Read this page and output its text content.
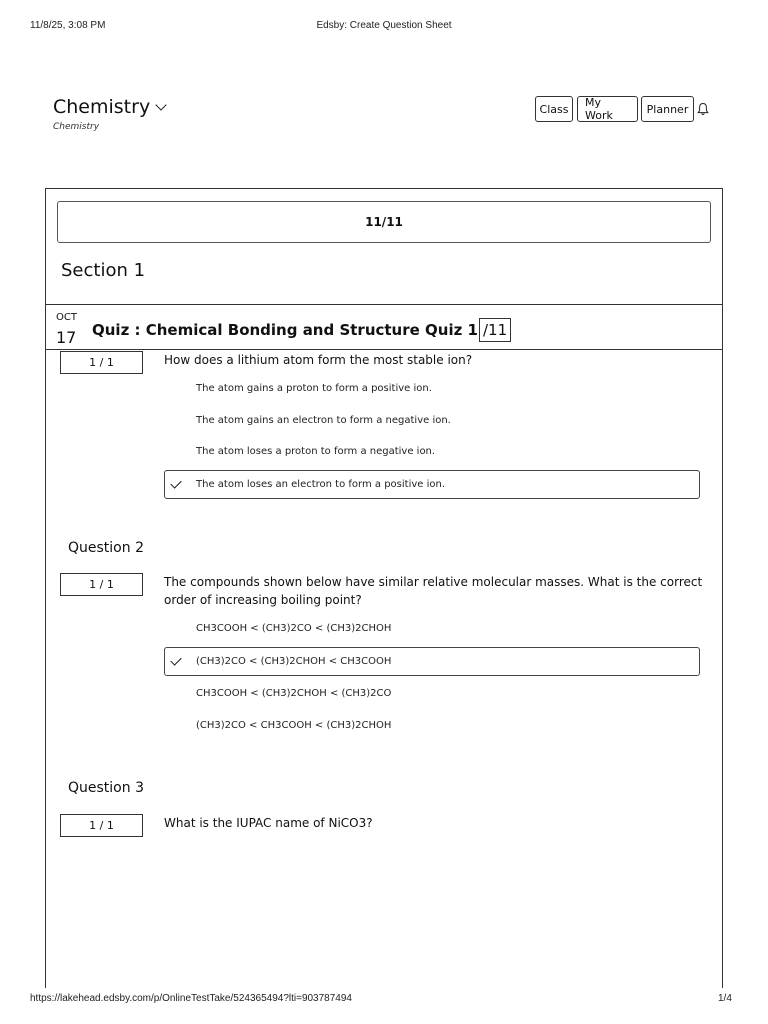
11/8/25, 3:08 PM	Edsby: Create Question Sheet
Chemistry
Chemistry
Class	My Work	Planner
11/11
Section 1
OCT
17 Quiz : Chemical Bonding and Structure Quiz 1 /11
1 / 1	How does a lithium atom form the most stable ion?
The atom gains a proton to form a positive ion.
The atom gains an electron to form a negative ion.
The atom loses a proton to form a negative ion.
The atom loses an electron to form a positive ion.
Question 2
1 / 1	The compounds shown below have similar relative molecular masses. What is the correct order of increasing boiling point?
CH3COOH < (CH3)2CO < (CH3)2CHOH
(CH3)2CO < (CH3)2CHOH < CH3COOH
CH3COOH < (CH3)2CHOH < (CH3)2CO
(CH3)2CO < CH3COOH < (CH3)2CHOH
Question 3
1 / 1	What is the IUPAC name of NiCO3?
https://lakehead.edsby.com/p/OnlineTestTake/524365494?lti=903787494	1/4
